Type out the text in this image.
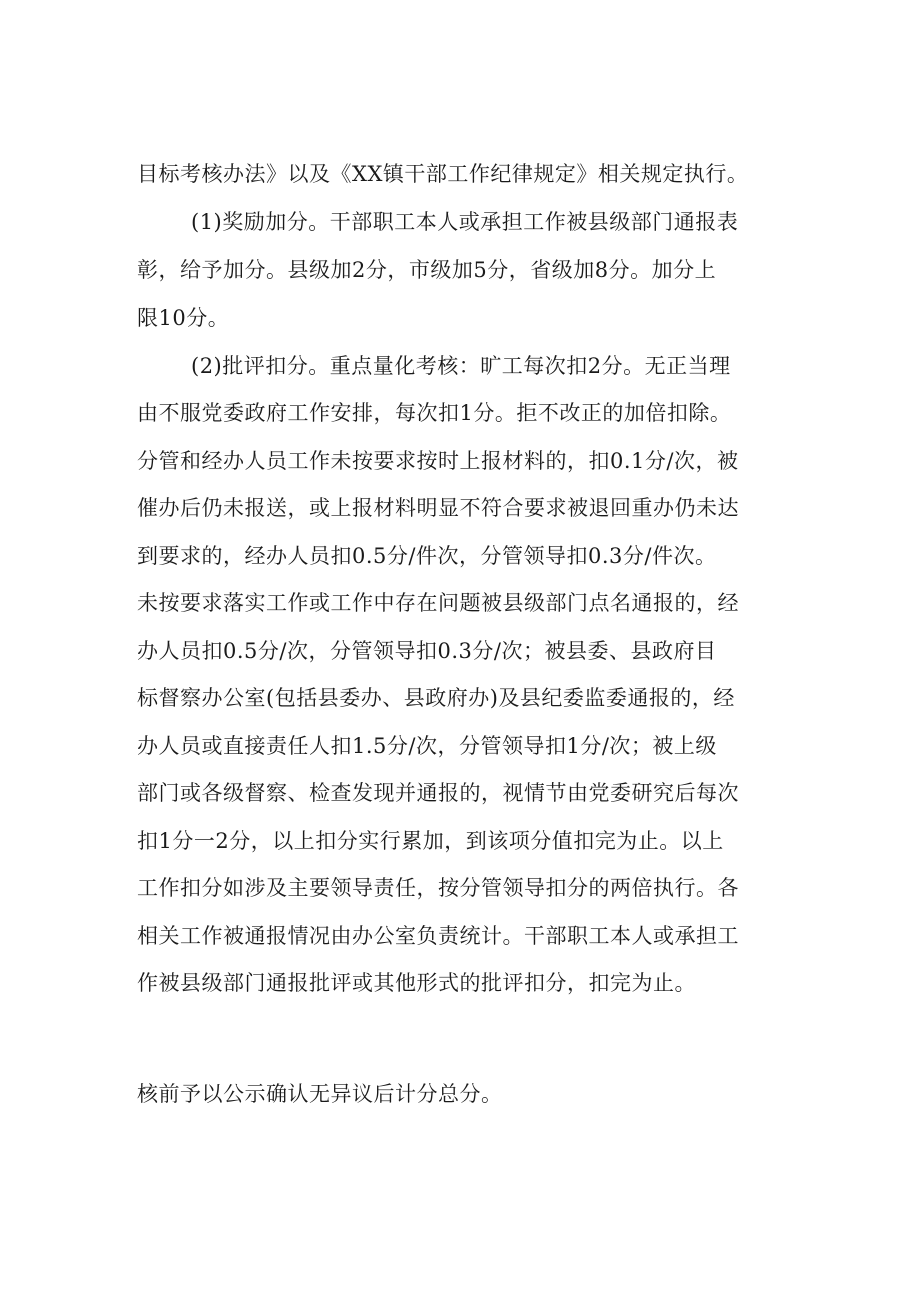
目标考核办法》以及《XX镇干部工作纪律规定》相关规定执行。
(1)奖励加分。干部职工本人或承担工作被县级部门通报表
彰，给予加分。县级加2分，市级加5分，省级加8分。加分上
限10分。
(2)批评扣分。重点量化考核：旷工每次扣2分。无正当理
由不服党委政府工作安排，每次扣1分。拒不改正的加倍扣除。
分管和经办人员工作未按要求按时上报材料的，扣0.1分/次，被
催办后仍未报送，或上报材料明显不符合要求被退回重办仍未达
到要求的，经办人员扣0.5分/件次，分管领导扣0.3分/件次。
未按要求落实工作或工作中存在问题被县级部门点名通报的，经
办人员扣0.5分/次，分管领导扣0.3分/次；被县委、县政府目
标督察办公室(包括县委办、县政府办)及县纪委监委通报的，经
办人员或直接责任人扣1.5分/次，分管领导扣1分/次；被上级
部门或各级督察、检查发现并通报的，视情节由党委研究后每次
扣1分一2分，以上扣分实行累加，到该项分值扣完为止。以上
工作扣分如涉及主要领导责任，按分管领导扣分的两倍执行。各
相关工作被通报情况由办公室负责统计。干部职工本人或承担工
作被县级部门通报批评或其他形式的批评扣分，扣完为止。
核前予以公示确认无异议后计分总分。
